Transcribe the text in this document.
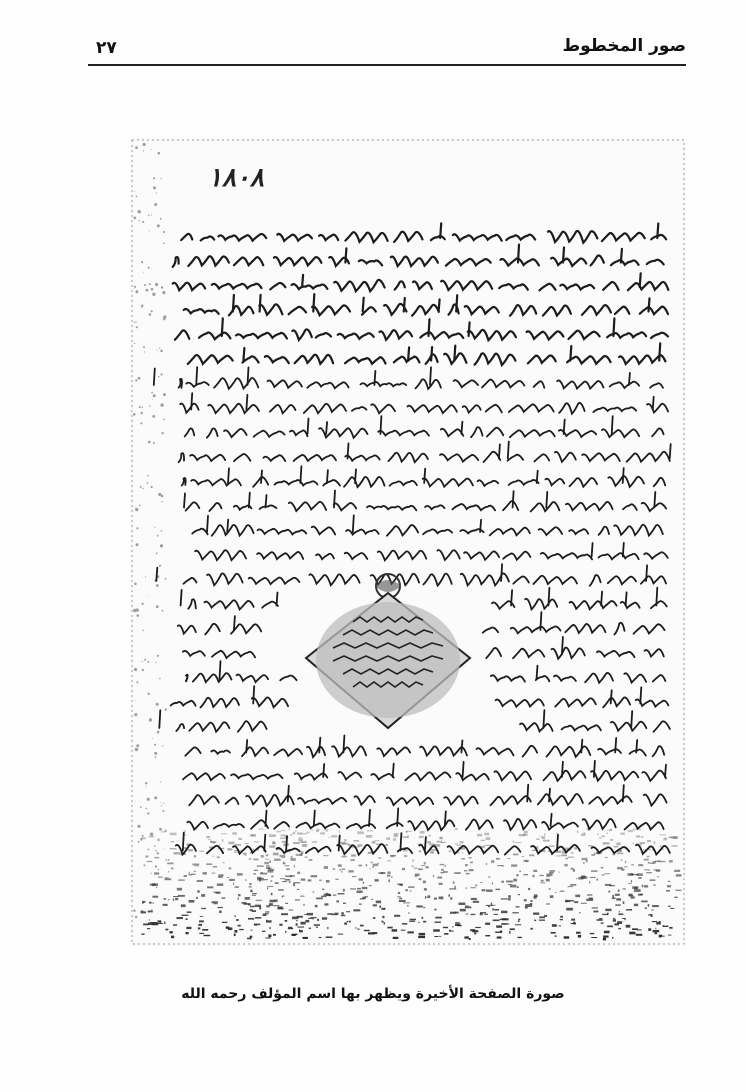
صور المخطوط
٢٧
١٨٠٨
صورة الصفحة الأخيرة ويظهر بها اسم المؤلف رحمه الله
